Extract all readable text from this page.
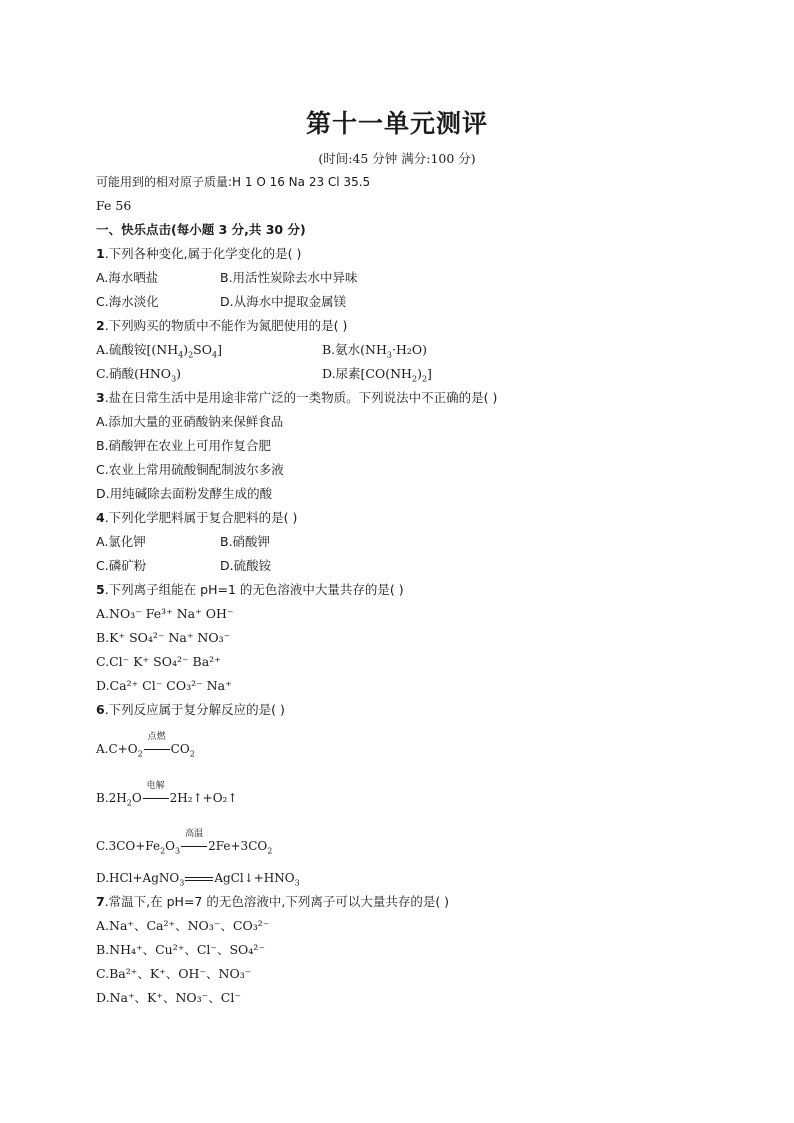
第十一单元测评
(时间:45 分钟 满分:100 分)
可能用到的相对原子质量:H 1 O 16 Na 23 Cl 35.5
Fe 56
一、快乐点击(每小题 3 分,共 30 分)
1.下列各种变化,属于化学变化的是( )
A.海水晒盐	B.用活性炭除去水中异味
C.海水淡化	D.从海水中提取金属镁
2.下列购买的物质中不能作为氮肥使用的是( )
A.硫酸铵$[(NH_4)_2SO_4]$	B.氨水$(NH_3\cdot H_2O)$
C.硝酸$(HNO_3)$	D.尿素$[CO(NH_2)_2]$
3.盐在日常生活中是用途非常广泛的一类物质。下列说法中不正确的是( )
A.添加大量的亚硝酸钠来保鲜食品
B.硝酸钾在农业上可用作复合肥
C.农业上常用硫酸铜配制波尔多液
D.用纯碱除去面粉发酵生成的酸
4.下列化学肥料属于复合肥料的是( )
A.氯化钾	B.硝酸钾
C.磷矿粉	D.硫酸铵
5.下列离子组能在 pH=1 的无色溶液中大量共存的是( )
A.NO₃⁻ Fe³⁺ Na⁺ OH⁻
B.K⁺ SO₄²⁻ Na⁺ NO₃⁻
C.Cl⁻ K⁺ SO₄²⁻ Ba²⁺
D.Ca²⁺ Cl⁻ CO₃²⁻ Na⁺
6.下列反应属于复分解反应的是( )
$A.C+O_2$
点燃
$CO_2$
$B.2H_2O$
电解
2H₂↑+O₂↑
$C.3CO+Fe_2O_3$
高温
$2Fe+3CO_2$
D.HCl+AgNO$_3$	$AgCl↓+HNO_3$
7.常温下,在 pH=7 的无色溶液中,下列离子可以大量共存的是( )
A.Na⁺、Ca²⁺、NO₃⁻、CO₃²⁻
B.NH₄⁺、Cu²⁺、Cl⁻、SO₄²⁻
C.Ba²⁺、K⁺、OH⁻、NO₃⁻
D.Na⁺、K⁺、NO₃⁻、Cl⁻
